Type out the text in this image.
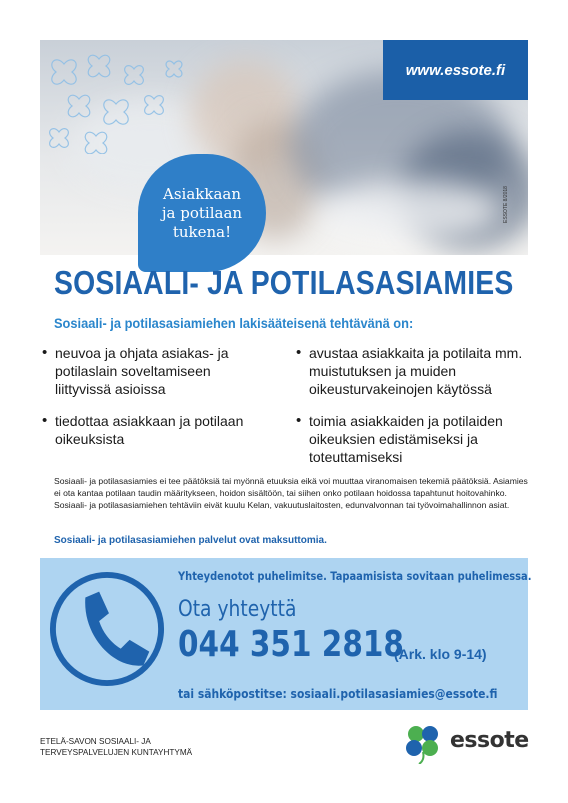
www.essote.fi
ESSOTE 8/2018
Asiakkaan ja potilaan tukena!
SOSIAALI- JA POTILASASIAMIES
Sosiaali- ja potilasasiamiehen lakisääteisenä tehtävänä on:
• neuvoa ja ohjata asiakas- ja potilaslain soveltamiseen liittyvissä asioissa
• tiedottaa asiakkaan ja potilaan oikeuksista
• avustaa asiakkaita ja potilaita mm. muistutuksen ja muiden oikeusturvakeinojen käytössä
• toimia asiakkaiden ja potilaiden oikeuksien edistämiseksi ja toteuttamiseksi
Sosiaali- ja potilasasiamies ei tee päätöksiä tai myönnä etuuksia eikä voi muuttaa viranomaisen tekemiä päätöksiä. Asiamies ei ota kantaa potilaan taudin määritykseen, hoidon sisältöön, tai siihen onko potilaan hoidossa tapahtunut hoitovahinko. Sosiaali- ja potilasasiamiehen tehtäviin eivät kuulu Kelan, vakuutuslaitosten, edunvalvonnan tai työvoimahallinnon asiat.
Sosiaali- ja potilasasiamiehen palvelut ovat maksuttomia.
Yhteydenotot puhelimitse. Tapaamisista sovitaan puhelimessa.
Ota yhteyttä
044 351 2818
(Ark. klo 9-14)
tai sähköpostitse: sosiaali.potilasasiamies@essote.fi
ETELÄ-SAVON SOSIAALI- JA
TERVEYSPALVELUJEN KUNTAYHTYMÄ	essote
